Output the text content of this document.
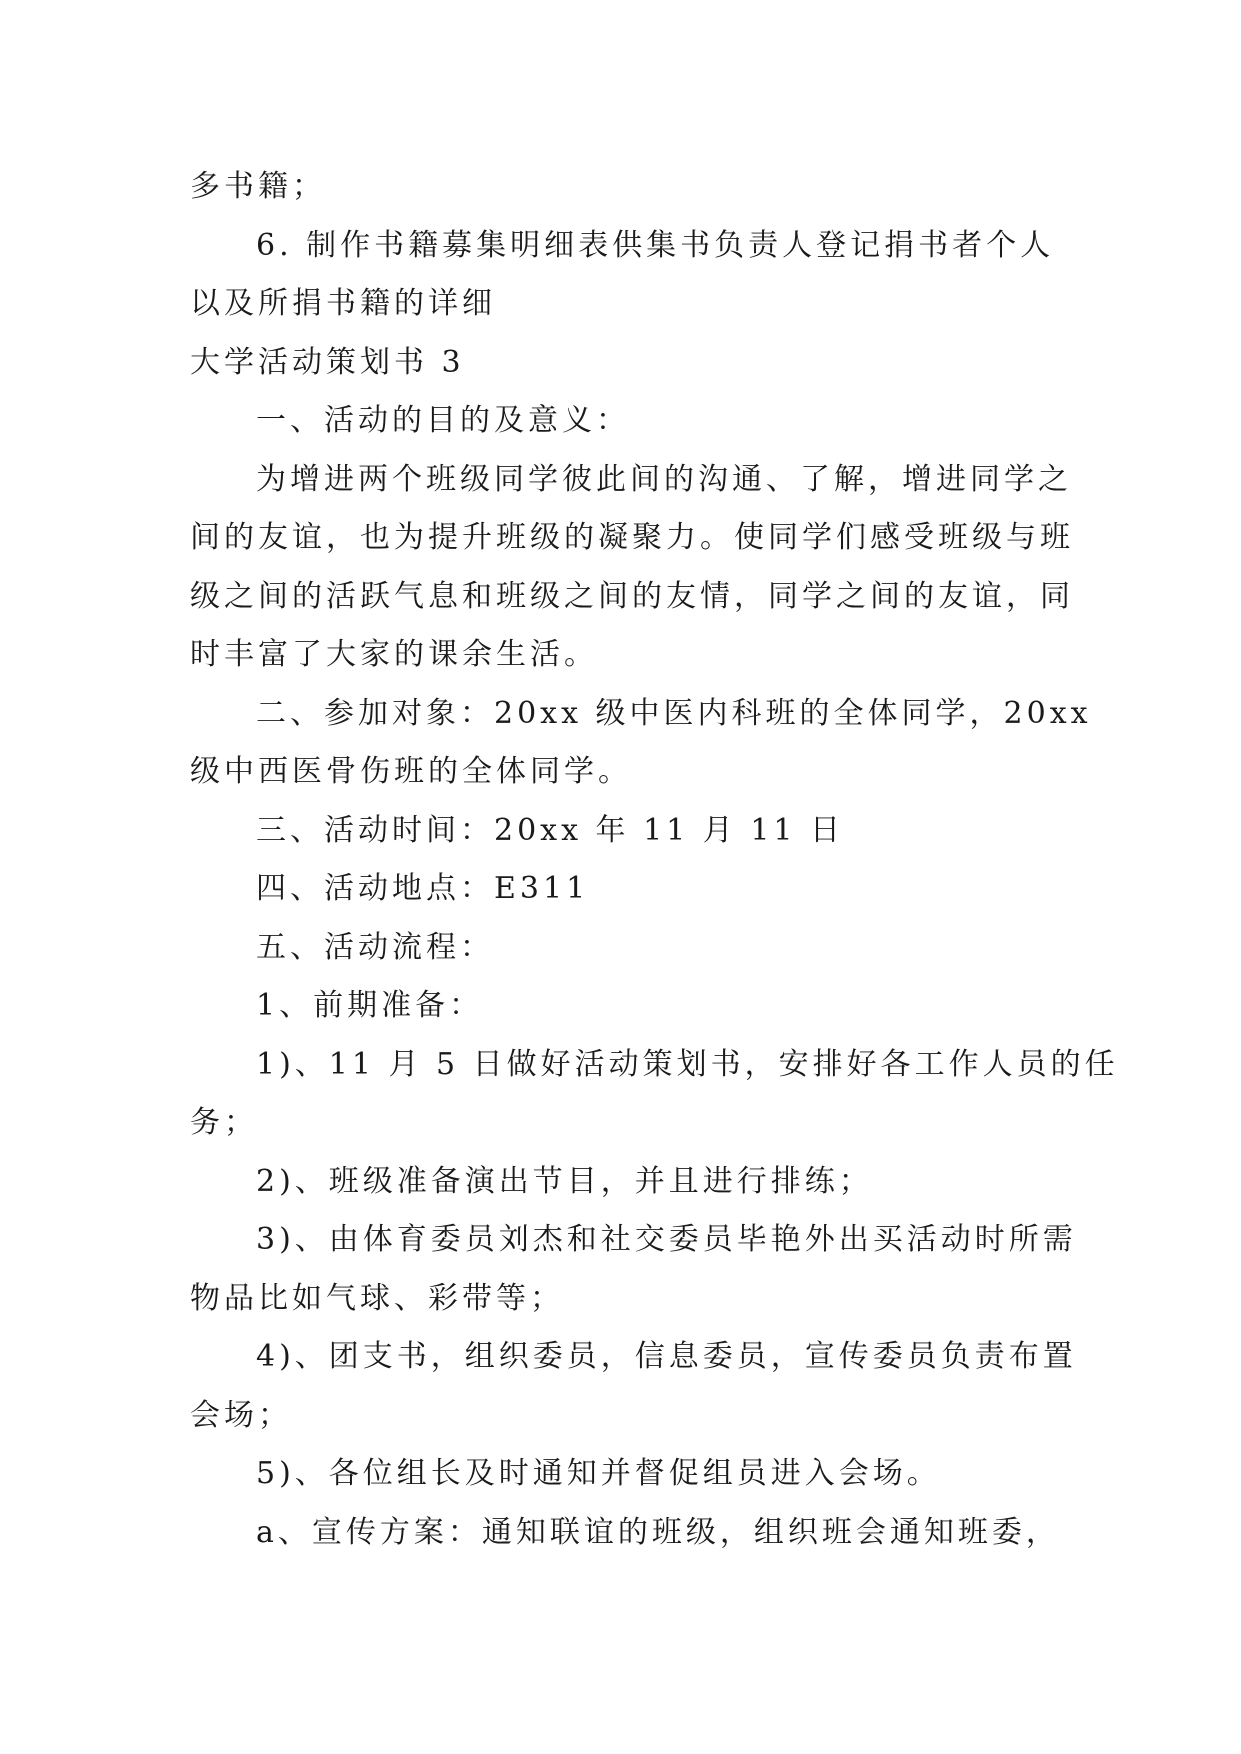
多书籍；

6. 制作书籍募集明细表供集书负责人登记捐书者个人

以及所捐书籍的详细

大学活动策划书 3

一、活动的目的及意义：

为增进两个班级同学彼此间的沟通、了解，增进同学之

间的友谊，也为提升班级的凝聚力。使同学们感受班级与班

级之间的活跃气息和班级之间的友情，同学之间的友谊，同

时丰富了大家的课余生活。

二、参加对象：20xx 级中医内科班的全体同学，20xx

级中西医骨伤班的全体同学。

三、活动时间：20xx 年 11 月 11 日

四、活动地点：E311

五、活动流程：

1、前期准备：

1)、11 月 5 日做好活动策划书，安排好各工作人员的任

务；

2)、班级准备演出节目，并且进行排练；

3)、由体育委员刘杰和社交委员毕艳外出买活动时所需

物品比如气球、彩带等；

4)、团支书，组织委员，信息委员，宣传委员负责布置

会场；

5)、各位组长及时通知并督促组员进入会场。

a、宣传方案：通知联谊的班级，组织班会通知班委，
